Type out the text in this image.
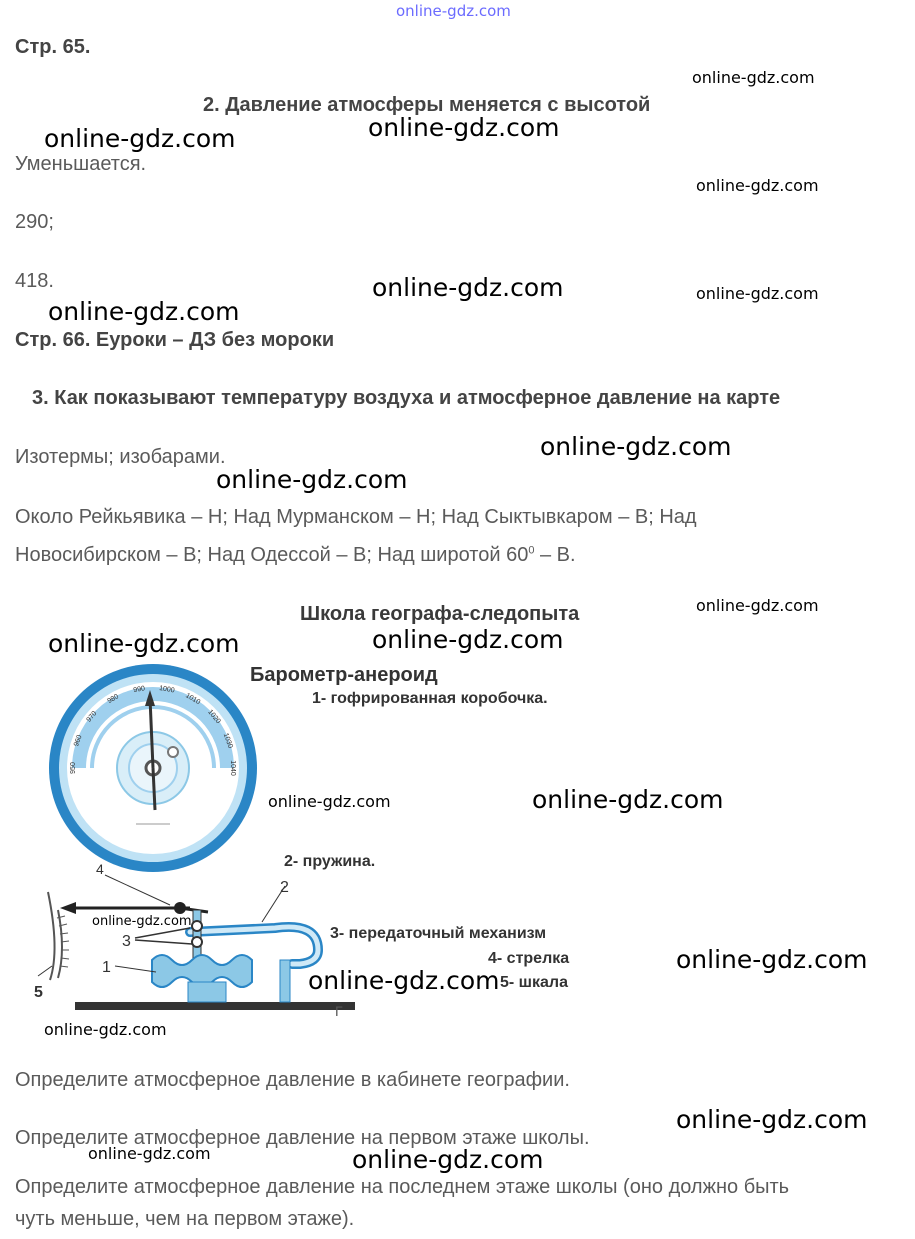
online-gdz.com
Стр. 65.
2. Давление атмосферы меняется с высотой
Уменьшается.
290;
418.
Стр. 66. Еуроки – ДЗ без мороки
3. Как показывают температуру воздуха и атмосферное давление на карте
Изотермы; изобарами.
Около Рейкьявика – Н; Над Мурманском – Н; Над Сыктывкаром – В; Над
Новосибирском – В; Над Одессой – В; Над широтой $60^0$ – В.
Школа географа-следопыта
950
960
970
980
990 1000
1010
1020
1030
1040
4
2
3
1
5
Г
Барометр-анероид
1- гофрированная коробочка.
2- пружина.
3- передаточный механизм
4- стрелка
5- шкала
Определите атмосферное давление в кабинете географии.
Определите атмосферное давление на первом этаже школы.
Определите атмосферное давление на последнем этаже школы (оно должно быть
чуть меньше, чем на первом этаже).
online-gdz.com
online-gdz.com	online-gdz.com
online-gdz.com
online-gdz.com
online-gdz.com
online-gdz.com
online-gdz.com
online-gdz.com
online-gdz.com
online-gdz.com	online-gdz.com
online-gdz.com	online-gdz.com
online-gdz.com
online-gdz.com
online-gdz.com
online-gdz.com
online-gdz.com
online-gdz.com	online-gdz.com
